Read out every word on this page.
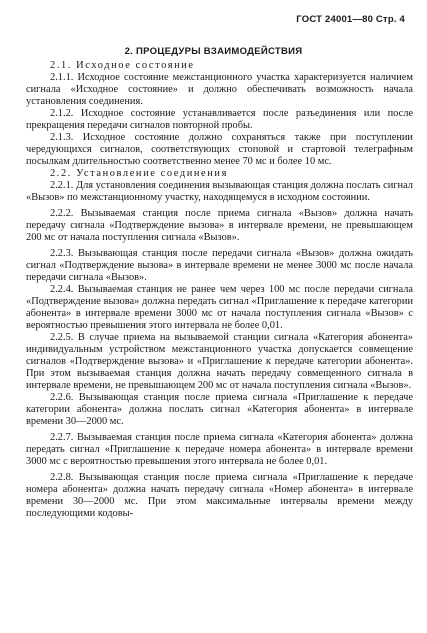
ГОСТ 24001—80 Стр. 4
2. ПРОЦЕДУРЫ ВЗАИМОДЕЙСТВИЯ

2.1. Исходное состояние

2.1.1. Исходное состояние межстанционного участка характеризуется наличием сигнала «Исходное состояние» и должно обеспечивать возможность начала установления соединения.

2.1.2. Исходное состояние устанавливается после разъединения или после прекращения передачи сигналов повторной пробы.

2.1.3. Исходное состояние должно сохраняться также при поступлении чередующихся сигналов, соответствующих стоповой и стартовой телеграфным посылкам длительностью соответственно менее 70 мс и более 10 мс.

2.2. Установление соединения

2.2.1. Для установления соединения вызывающая станция должна послать сигнал «Вызов» по межстанционному участку, находящемуся в исходном состоянии.

2.2.2. Вызываемая станция после приема сигнала «Вызов» должна начать передачу сигнала «Подтверждение вызова» в интервале времени, не превышающем 200 мс от начала поступления сигнала «Вызов».

2.2.3. Вызывающая станция после передачи сигнала «Вызов» должна ожидать сигнал «Подтверждение вызова» в интервале времени не менее 3000 мс после начала передачи сигнала «Вызов».

2.2.4. Вызываемая станция не ранее чем через 100 мс после передачи сигнала «Подтверждение вызова» должна передать сигнал «Приглашение к передаче категории абонента» в интервале времени 3000 мс от начала поступления сигнала «Вызов» с вероятностью превышения этого интервала не более 0,01.

2.2.5. В случае приема на вызываемой станции сигнала «Категория абонента» индивидуальным устройством межстанционного участка допускается совмещение сигналов «Подтверждение вызова» и «Приглашение к передаче категории абонента». При этом вызываемая станция должна начать передачу совмещенного сигнала в интервале времени, не превышающем 200 мс от начала поступления сигнала «Вызов».

2.2.6. Вызывающая станция после приема сигнала «Приглашение к передаче категории абонента» должна послать сигнал «Категория абонента» в интервале времени 30—2000 мс.

2.2.7. Вызываемая станция после приема сигнала «Категория абонента» должна передать сигнал «Приглашение к передаче номера абонента» в интервале времени 3000 мс с вероятностью превышения этого интервала не более 0,01.

2.2.8. Вызывающая станция после приема сигнала «Приглашение к передаче номера абонента» должна начать передачу сигнала «Номер абонента» в интервале времени 30—2000 мс. При этом максимальные интервалы времени между последующими кодовы-
